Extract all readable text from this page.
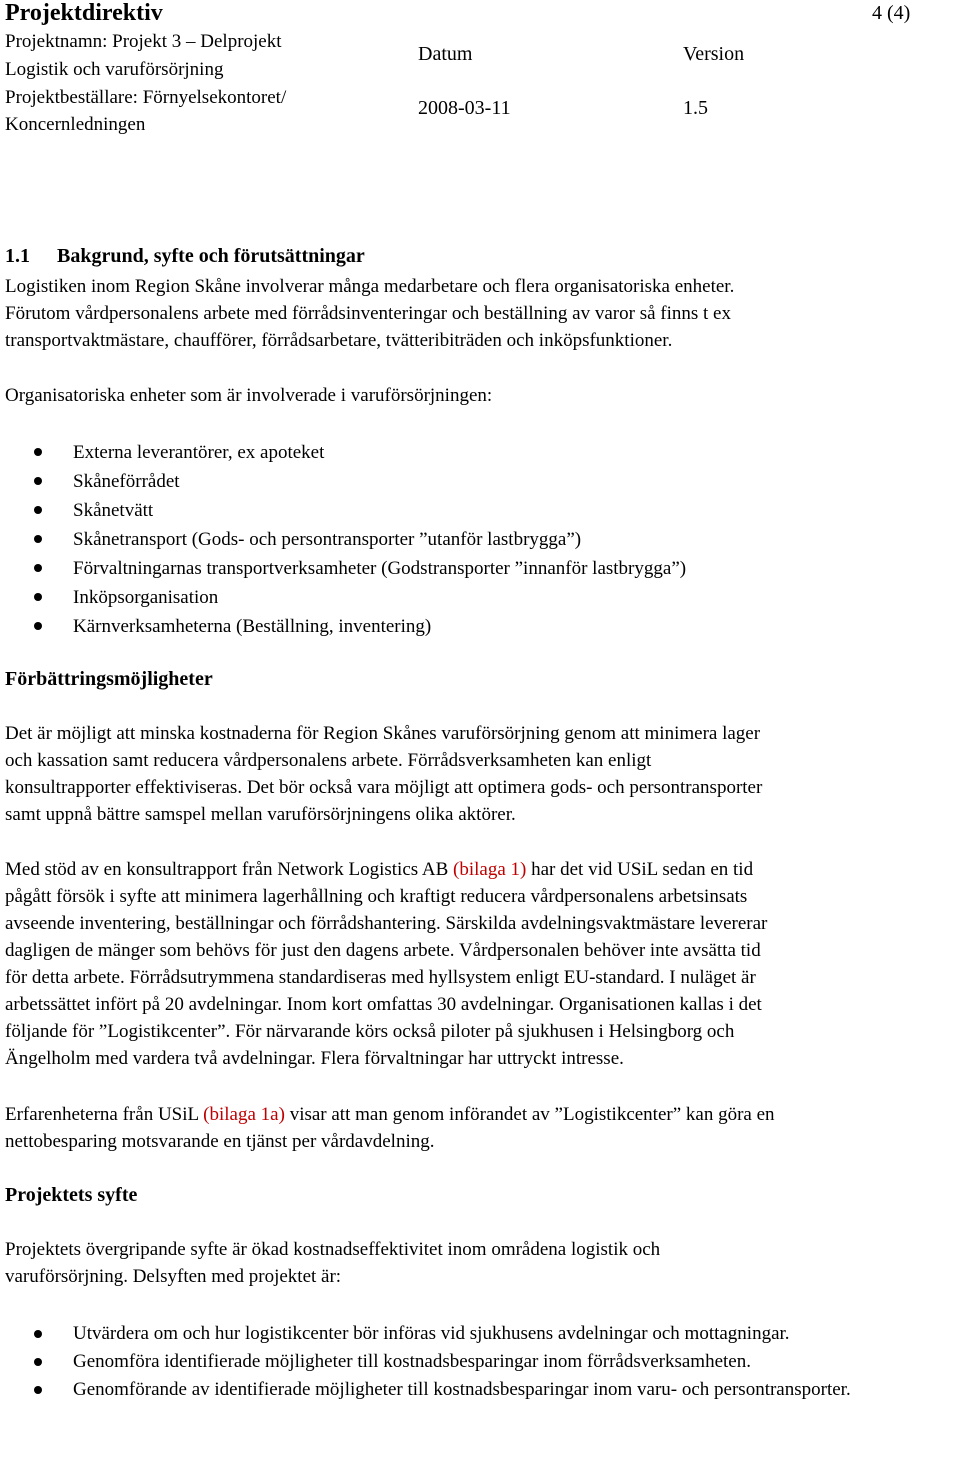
Projektdirektiv	4 (4)
Projektnamn: Projekt 3 – Delprojekt
Logistik och varuförsörjning
Projektbeställare: Förnyelsekontoret/
Koncernledningen
Datum	Version
2008-03-11	1.5
1.1 Bakgrund, syfte och förutsättningar

Logistiken inom Region Skåne involverar många medarbetare och flera organisatoriska enheter.

Förutom vårdpersonalens arbete med förrådsinventeringar och beställning av varor så finns t ex

transportvaktmästare, chaufförer, förrådsarbetare, tvätteribiträden och inköpsfunktioner.

Organisatoriska enheter som är involverade i varuförsörjningen:
Externa leverantörer, ex apoteket
Skåneförrådet
Skånetvätt
Skånetransport (Gods- och persontransporter ”utanför lastbrygga”)
Förvaltningarnas transportverksamheter (Godstransporter ”innanför lastbrygga”)
Inköpsorganisation
Kärnverksamheterna (Beställning, inventering)
Förbättringsmöjligheter

Det är möjligt att minska kostnaderna för Region Skånes varuförsörjning genom att minimera lager

och kassation samt reducera vårdpersonalens arbete. Förrådsverksamheten kan enligt

konsultrapporter effektiviseras. Det bör också vara möjligt att optimera gods- och persontransporter

samt uppnå bättre samspel mellan varuförsörjningens olika aktörer.

Med stöd av en konsultrapport från Network Logistics AB (bilaga 1) har det vid USiL sedan en tid

pågått försök i syfte att minimera lagerhållning och kraftigt reducera vårdpersonalens arbetsinsats

avseende inventering, beställningar och förrådshantering. Särskilda avdelningsvaktmästare levererar

dagligen de mänger som behövs för just den dagens arbete. Vårdpersonalen behöver inte avsätta tid

för detta arbete. Förrådsutrymmena standardiseras med hyllsystem enligt EU-standard. I nuläget är

arbetssättet infört på 20 avdelningar. Inom kort omfattas 30 avdelningar. Organisationen kallas i det

följande för ”Logistikcenter”. För närvarande körs också piloter på sjukhusen i Helsingborg och

Ängelholm med vardera två avdelningar. Flera förvaltningar har uttryckt intresse.

Erfarenheterna från USiL (bilaga 1a) visar att man genom införandet av ”Logistikcenter” kan göra en

nettobesparing motsvarande en tjänst per vårdavdelning.

Projektets syfte

Projektets övergripande syfte är ökad kostnadseffektivitet inom områdena logistik och

varuförsörjning. Delsyften med projektet är:

Utvärdera om och hur logistikcenter bör införas vid sjukhusens avdelningar och mottagningar.
Genomföra identifierade möjligheter till kostnadsbesparingar inom förrådsverksamheten.
Genomförande av identifierade möjligheter till kostnadsbesparingar inom varu- och persontransporter.
